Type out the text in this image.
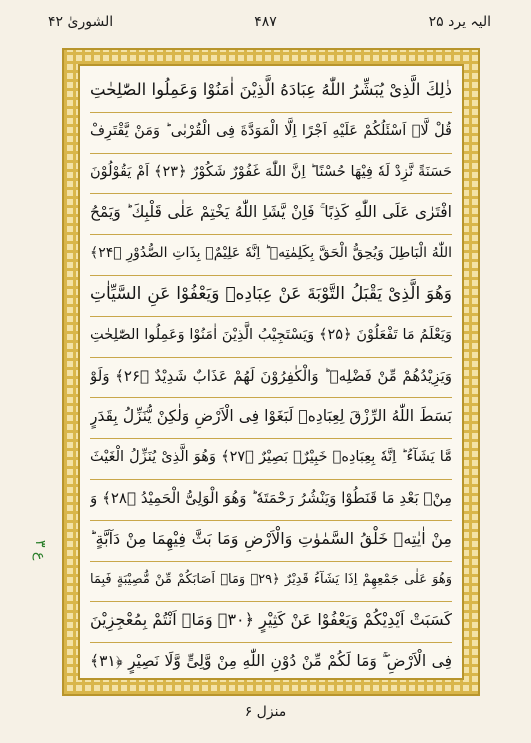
الیہ یرد ۲۵
۴۸۷
الشوریٰ ۴۲
ع ۳
ذٰلِكَ الَّذِىْ يُبَشِّرُ اللّٰهُ عِبَادَهُ الَّذِيْنَ اٰمَنُوْا وَعَمِلُوا الصّٰلِحٰتِ
قُلْ لَّاۤ اَسْئَلُكُمْ عَلَيْهِ اَجْرًا اِلَّا الْمَوَدَّةَ فِى الْقُرْبٰى ؕ وَمَنْ يَّقْتَرِفْ
حَسَنَةً نَّزِدْ لَهٗ فِيْهَا حُسْنًا ؕ اِنَّ اللّٰهَ غَفُوْرٌ شَكُوْرٌ ﴿۲۳﴾ اَمْ يَقُوْلُوْنَ
افْتَرٰى عَلَى اللّٰهِ كَذِبًا ۚ فَاِنْ يَّشَاِ اللّٰهُ يَخْتِمْ عَلٰى قَلْبِكَ ؕ وَيَمْحُ
اللّٰهُ الْبَاطِلَ وَيُحِقُّ الْحَقَّ بِكَلِمٰتِهٖ ؕ اِنَّهٗ عَلِيْمٌۢ بِذَاتِ الصُّدُوْرِ ﴿۲۴﴾
وَهُوَ الَّذِىْ يَقْبَلُ التَّوْبَةَ عَنْ عِبَادِهٖ وَيَعْفُوْا عَنِ السَّيِّاٰتِ
وَيَعْلَمُ مَا تَفْعَلُوْنَ ﴿۲۵﴾ وَيَسْتَجِيْبُ الَّذِيْنَ اٰمَنُوْا وَعَمِلُوا الصّٰلِحٰتِ
وَيَزِيْدُهُمْ مِّنْ فَضْلِهٖ ؕ وَالْكٰفِرُوْنَ لَهُمْ عَذَابٌ شَدِيْدٌ ﴿۲۶﴾ وَلَوْ
بَسَطَ اللّٰهُ الرِّزْقَ لِعِبَادِهٖ لَبَغَوْا فِى الْاَرْضِ وَلٰكِنْ يُّنَزِّلُ بِقَدَرٍ
مَّا يَشَآءُ ؕ اِنَّهٗ بِعِبَادِهٖ خَبِيْرٌۢ بَصِيْرٌ ﴿۲۷﴾ وَهُوَ الَّذِىْ يُنَزِّلُ الْغَيْثَ
مِنْۢ بَعْدِ مَا قَنَطُوْا وَيَنْشُرُ رَحْمَتَهٗ ؕ وَهُوَ الْوَلِىُّ الْحَمِيْدُ ﴿۲۸﴾ وَ
مِنْ اٰيٰتِهٖ خَلْقُ السَّمٰوٰتِ وَالْاَرْضِ وَمَا بَثَّ فِيْهِمَا مِنْ دَآبَّةٍ ؕ
وَهُوَ عَلٰى جَمْعِهِمْ اِذَا يَشَآءُ قَدِيْرٌ ﴿۲۹﴾ وَمَاۤ اَصَابَكُمْ مِّنْ مُّصِيْبَةٍ فَبِمَا
كَسَبَتْ اَيْدِيْكُمْ وَيَعْفُوْا عَنْ كَثِيْرٍ ﴿۳۰﴾ وَمَاۤ اَنْتُمْ بِمُعْجِزِيْنَ
فِى الْاَرْضِ ۖۚ وَمَا لَكُمْ مِّنْ دُوْنِ اللّٰهِ مِنْ وَّلِىٍّ وَّلَا نَصِيْرٍ ﴿۳۱﴾
منزل ۶
